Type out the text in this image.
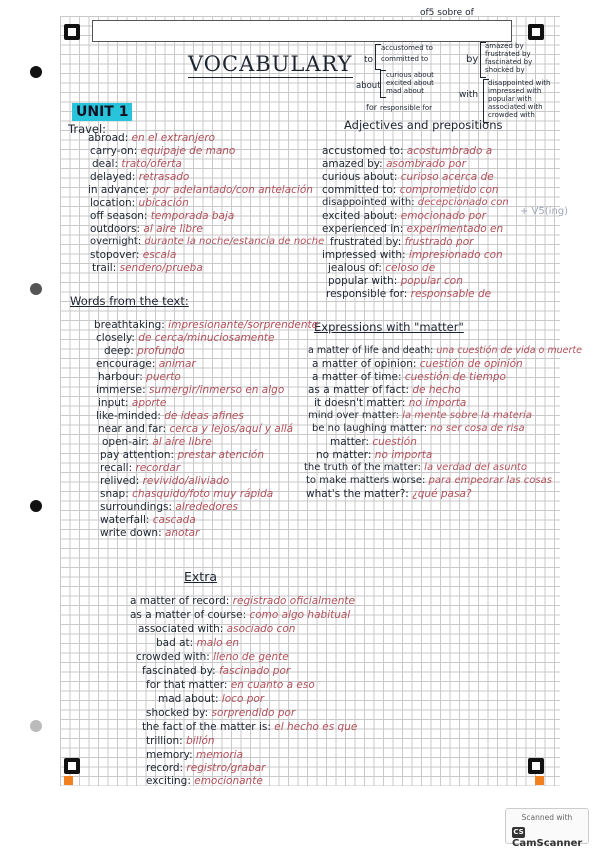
of5 sobre of
VOCABULARY
UNIT 1
to
accustomed to
committed to
about
curious about
excited about
mad about
for responsible for
by
amazed by
frustrated by
fascinated by
shocked by
with
disappointed with
impressed with
popular with
associated with
crowded with
Travel:	Adjectives and prepositions
Words from the text:
Expressions with "matter"
Extra
+ V5(ing)
abroad: en el extranjero
carry-on: equipaje de mano
deal: trato/oferta
delayed: retrasado
in advance: por adelantado/con antelación
location: ubicación
off season: temporada baja
outdoors: al aire libre
overnight: durante la noche/estancia de noche
stopover: escala
trail: sendero/prueba
breathtaking: impresionante/sorprendente
closely: de cerca/minuciosamente
deep: profundo
encourage: animar
harbour: puerto
immerse: sumergir/inmerso en algo
input: aporte
like-minded: de ideas afines
near and far: cerca y lejos/aquí y allá
open-air: al aire libre
pay attention: prestar atención
recall: recordar
relived: revivido/aliviado
snap: chasquido/foto muy rápida
surroundings: alrededores
waterfall: cascada
write down: anotar
accustomed to: acostumbrado a
amazed by: asombrado por
curious about: curioso acerca de
committed to: comprometido con
disappointed with: decepcionado con
excited about: emocionado por
experienced in: experimentado en
frustrated by: frustrado por
impressed with: impresionado con
jealous of: celoso de
popular with: popular con
responsible for: responsable de
a matter of life and death: una cuestión de vida o muerte
a matter of opinion: cuestión de opinión
a matter of time: cuestión de tiempo
as a matter of fact: de hecho
it doesn't matter: no importa
mind over matter: la mente sobre la materia
be no laughing matter: no ser cosa de risa
matter: cuestión
no matter: no importa
the truth of the matter: la verdad del asunto
to make matters worse: para empeorar las cosas
what's the matter?: ¿qué pasa?
a matter of record: registrado oficialmente
as a matter of course: como algo habitual
associated with: asociado con
bad at: malo en
crowded with: lleno de gente
fascinated by: fascinado por
for that matter: en cuanto a eso
mad about: loco por
shocked by: sorprendido por
the fact of the matter is: el hecho es que
trillion: billón
memory: memoria
record: registro/grabar
exciting: emocionante
Scanned with
CSCamScanner
